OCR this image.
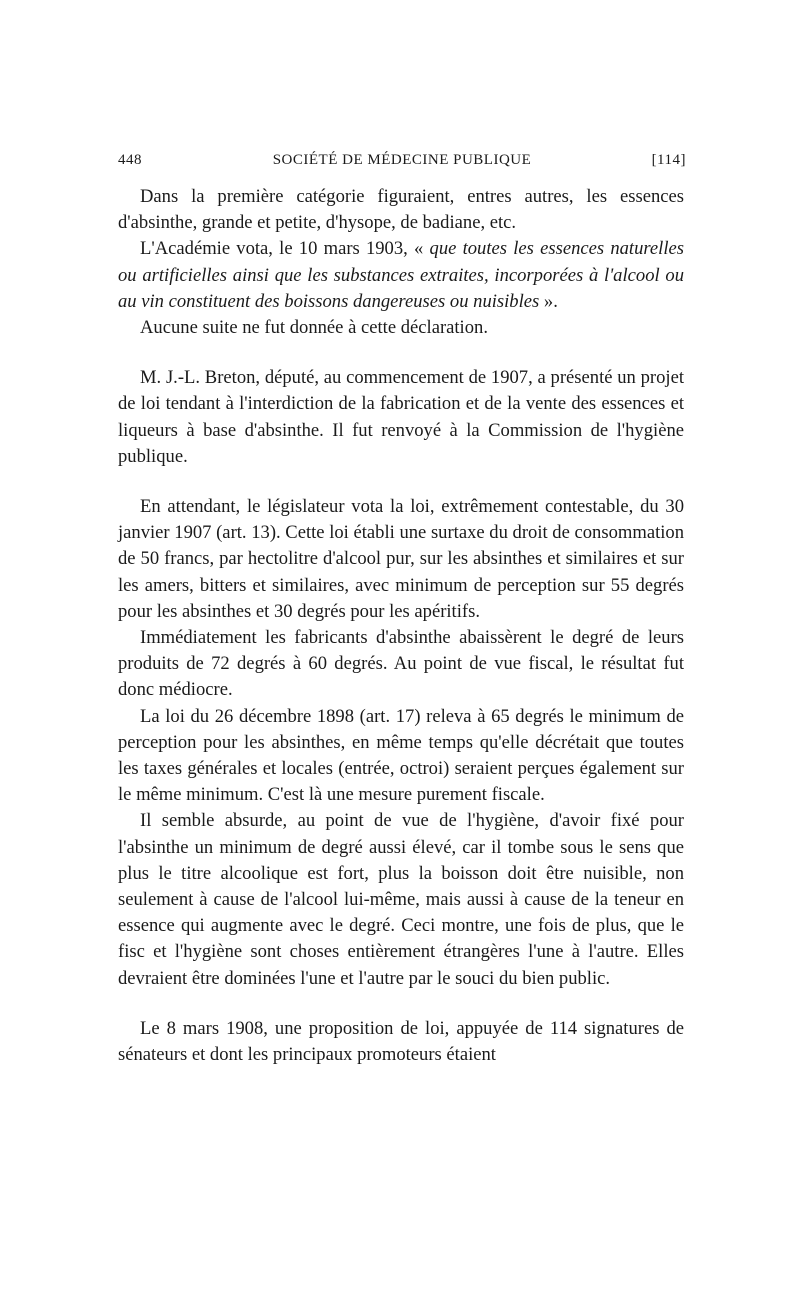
448	SOCIÉTÉ DE MÉDECINE PUBLIQUE	[114]

Dans la première catégorie figuraient, entres autres, les essences d'absinthe, grande et petite, d'hysope, de badiane, etc.

L'Académie vota, le 10 mars 1903, « que toutes les essences naturelles ou artificielles ainsi que les substances extraites, incorporées à l'alcool ou au vin constituent des boissons dangereuses ou nuisibles ».

Aucune suite ne fut donnée à cette déclaration.

M. J.-L. Breton, député, au commencement de 1907, a présenté un projet de loi tendant à l'interdiction de la fabrication et de la vente des essences et liqueurs à base d'absinthe. Il fut renvoyé à la Commission de l'hygiène publique.

En attendant, le législateur vota la loi, extrêmement contestable, du 30 janvier 1907 (art. 13). Cette loi établi une surtaxe du droit de consommation de 50 francs, par hectolitre d'alcool pur, sur les absinthes et similaires et sur les amers, bitters et similaires, avec minimum de perception sur 55 degrés pour les absinthes et 30 degrés pour les apéritifs.

Immédiatement les fabricants d'absinthe abaissèrent le degré de leurs produits de 72 degrés à 60 degrés. Au point de vue fiscal, le résultat fut donc médiocre.

La loi du 26 décembre 1898 (art. 17) releva à 65 degrés le minimum de perception pour les absinthes, en même temps qu'elle décrétait que toutes les taxes générales et locales (entrée, octroi) seraient perçues également sur le même minimum. C'est là une mesure purement fiscale.

Il semble absurde, au point de vue de l'hygiène, d'avoir fixé pour l'absinthe un minimum de degré aussi élevé, car il tombe sous le sens que plus le titre alcoolique est fort, plus la boisson doit être nuisible, non seulement à cause de l'alcool lui-même, mais aussi à cause de la teneur en essence qui augmente avec le degré. Ceci montre, une fois de plus, que le fisc et l'hygiène sont choses entièrement étrangères l'une à l'autre. Elles devraient être dominées l'une et l'autre par le souci du bien public.

Le 8 mars 1908, une proposition de loi, appuyée de 114 signatures de sénateurs et dont les principaux promoteurs étaient
